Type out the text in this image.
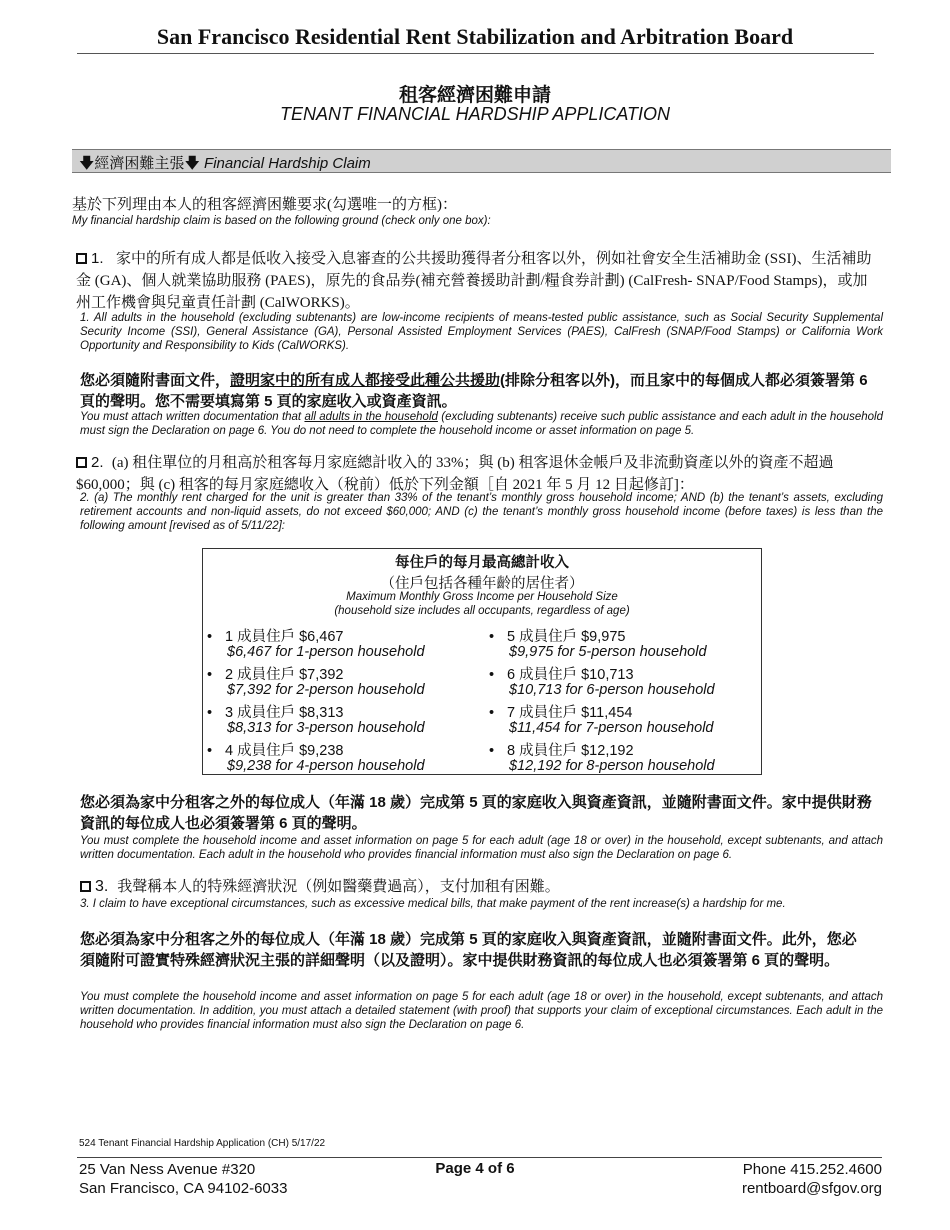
San Francisco Residential Rent Stabilization and Arbitration Board
租客經濟困難申請
TENANT FINANCIAL HARDSHIP APPLICATION
🡇經濟困難主張🡇 Financial Hardship Claim
基於下列理由本人的租客經濟困難要求(勾選唯一的方框)：
My financial hardship claim is based on the following ground (check only one box):
1. 家中的所有成人都是低收入接受入息審查的公共援助獲得者分租客以外，例如社會安全生活補助金 (SSI)、生活補助金 (GA)、個人就業協助服務 (PAES)，原先的食品券(補充營養援助計劃/糧食券計劃) (CalFresh- SNAP/Food Stamps)，或加州工作機會與兒童責任計劃 (CalWORKS)。
1. All adults in the household (excluding subtenants) are low-income recipients of means-tested public assistance, such as Social Security Supplemental Security Income (SSI), General Assistance (GA), Personal Assisted Employment Services (PAES), CalFresh (SNAP/Food Stamps) or California Work Opportunity and Responsibility to Kids (CalWORKS).
您必須隨附書面文件，證明家中的所有成人都接受此種公共援助(排除分租客以外)，而且家中的每個成人都必須簽署第 6 頁的聲明。您不需要填寫第 5 頁的家庭收入或資產資訊。
You must attach written documentation that all adults in the household (excluding subtenants) receive such public assistance and each adult in the household must sign the Declaration on page 6. You do not need to complete the household income or asset information on page 5.
2. (a) 租住單位的月租高於租客每月家庭總計收入的 33%；與 (b) 租客退休金帳戶及非流動資產以外的資產不超過 $60,000；與 (c) 租客的每月家庭總收入（稅前）低於下列金額［自 2021 年 5 月 12 日起修訂]：
2. (a) The monthly rent charged for the unit is greater than 33% of the tenant’s monthly gross household income; AND (b) the tenant’s assets, excluding retirement accounts and non-liquid assets, do not exceed $60,000; AND (c) the tenant’s monthly gross household income (before taxes) is less than the following amount [revised as of 5/11/22]:
每住戶的每月最高總計收入
（住戶包括各種年齡的居住者）
Maximum Monthly Gross Income per Household Size
(household size includes all occupants, regardless of age)
• 1 成員住戶 $6,467
$6,467 for 1-person household
• 2 成員住戶 $7,392
$7,392 for 2-person household
• 3 成員住戶 $8,313
$8,313 for 3-person household
• 4 成員住戶 $9,238
$9,238 for 4-person household
• 5 成員住戶 $9,975
$9,975 for 5-person household
• 6 成員住戶 $10,713
$10,713 for 6-person household
• 7 成員住戶 $11,454
$11,454 for 7-person household
• 8 成員住戶 $12,192
$12,192 for 8-person household
您必須為家中分租客之外的每位成人（年滿 18 歲）完成第 5 頁的家庭收入與資產資訊，並隨附書面文件。家中提供財務資訊的每位成人也必須簽署第 6 頁的聲明。
You must complete the household income and asset information on page 5 for each adult (age 18 or over) in the household, except subtenants, and attach written documentation. Each adult in the household who provides financial information must also sign the Declaration on page 6.
3. 我聲稱本人的特殊經濟狀況（例如醫藥費過高），支付加租有困難。
3. I claim to have exceptional circumstances, such as excessive medical bills, that make payment of the rent increase(s) a hardship for me.
您必須為家中分租客之外的每位成人（年滿 18 歲）完成第 5 頁的家庭收入與資產資訊，並隨附書面文件。此外，您必須隨附可證實特殊經濟狀況主張的詳細聲明（以及證明）。家中提供財務資訊的每位成人也必須簽署第 6 頁的聲明。
You must complete the household income and asset information on page 5 for each adult (age 18 or over) in the household, except subtenants, and attach written documentation. In addition, you must attach a detailed statement (with proof) that supports your claim of exceptional circumstances. Each adult in the household who provides financial information must also sign the Declaration on page 6.
524 Tenant Financial Hardship Application (CH) 5/17/22
25 Van Ness Avenue #320
San Francisco, CA 94102-6033
Page 4 of 6	Phone 415.252.4600
rentboard@sfgov.org
